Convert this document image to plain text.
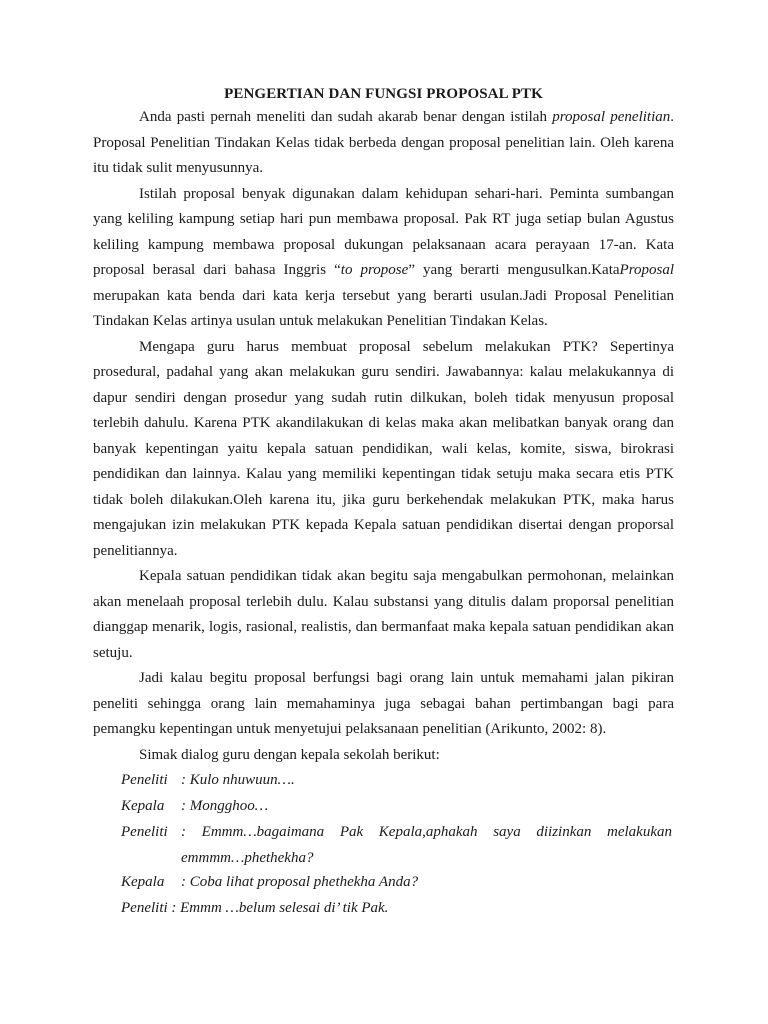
PENGERTIAN DAN FUNGSI PROPOSAL PTK

Anda pasti pernah meneliti dan sudah akarab benar dengan istilah proposal penelitian. Proposal Penelitian Tindakan Kelas tidak berbeda dengan proposal penelitian lain. Oleh karena itu tidak sulit menyusunnya.

Istilah proposal benyak digunakan dalam kehidupan sehari-hari. Peminta sumbangan yang keliling kampung setiap hari pun membawa proposal. Pak RT juga setiap bulan Agustus keliling kampung membawa proposal dukungan pelaksanaan acara perayaan 17-an. Kata proposal berasal dari bahasa Inggris “to propose” yang berarti mengusulkan.KataProposal merupakan kata benda dari kata kerja tersebut yang berarti usulan.Jadi Proposal Penelitian Tindakan Kelas artinya usulan untuk melakukan Penelitian Tindakan Kelas.

Mengapa guru harus membuat proposal sebelum melakukan PTK? Sepertinya prosedural, padahal yang akan melakukan guru sendiri. Jawabannya: kalau melakukannya di dapur sendiri dengan prosedur yang sudah rutin dilkukan, boleh tidak menyusun proposal terlebih dahulu. Karena PTK akandilakukan di kelas maka akan melibatkan banyak orang dan banyak kepentingan yaitu kepala satuan pendidikan, wali kelas, komite, siswa, birokrasi pendidikan dan lainnya. Kalau yang memiliki kepentingan tidak setuju maka secara etis PTK tidak boleh dilakukan.Oleh karena itu, jika guru berkehendak melakukan PTK, maka harus mengajukan izin melakukan PTK kepada Kepala satuan pendidikan disertai dengan proporsal penelitiannya.

Kepala satuan pendidikan tidak akan begitu saja mengabulkan permohonan, melainkan akan menelaah proposal terlebih dulu. Kalau substansi yang ditulis dalam proporsal penelitian dianggap menarik, logis, rasional, realistis, dan bermanfaat maka kepala satuan pendidikan akan setuju.

Jadi kalau begitu proposal berfungsi bagi orang lain untuk memahami jalan pikiran peneliti sehingga orang lain memahaminya juga sebagai bahan pertimbangan bagi para pemangku kepentingan untuk menyetujui pelaksanaan penelitian (Arikunto, 2002: 8).

Simak dialog guru dengan kepala sekolah berikut:

Peneliti : Kulo nhuwuun….
Kepala : Mongghoo…
Peneliti : Emmm…bagaimana Pak Kepala,aphakah saya diizinkan melakukan
emmmm…phethekha?
Kepala : Coba lihat proposal phethekha Anda?
Peneliti : Emmm …belum selesai di’ tik Pak.
